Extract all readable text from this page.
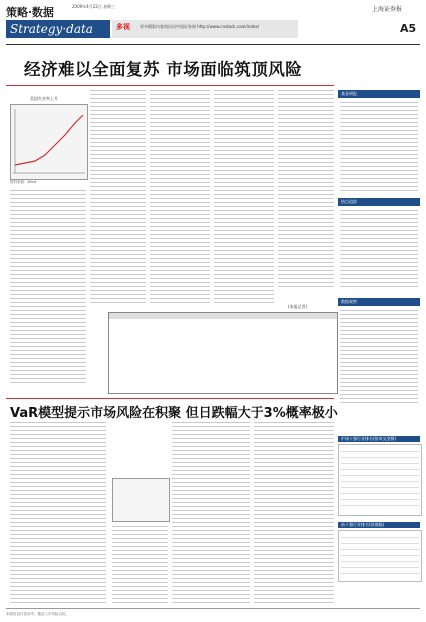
策略·数据	2009年4月22日 星期三
Strategy·data	多视	更多精彩内容请访问中国证券网 http://www.cnstock.com/index/
上海证券报
A5
经济难以全面复苏 市场面临筑顶风险
美国失业率上升
资料来源：Wind
(本报记者)
VaR模型提示市场风险在积聚 但日跌幅大于3%概率极小
基金周报
热点追踪
数据观察
沪深十强行业排名(按成交金额)
前十强行业排名(按涨幅)
本版信息仅供参考，据此入市风险自担。
